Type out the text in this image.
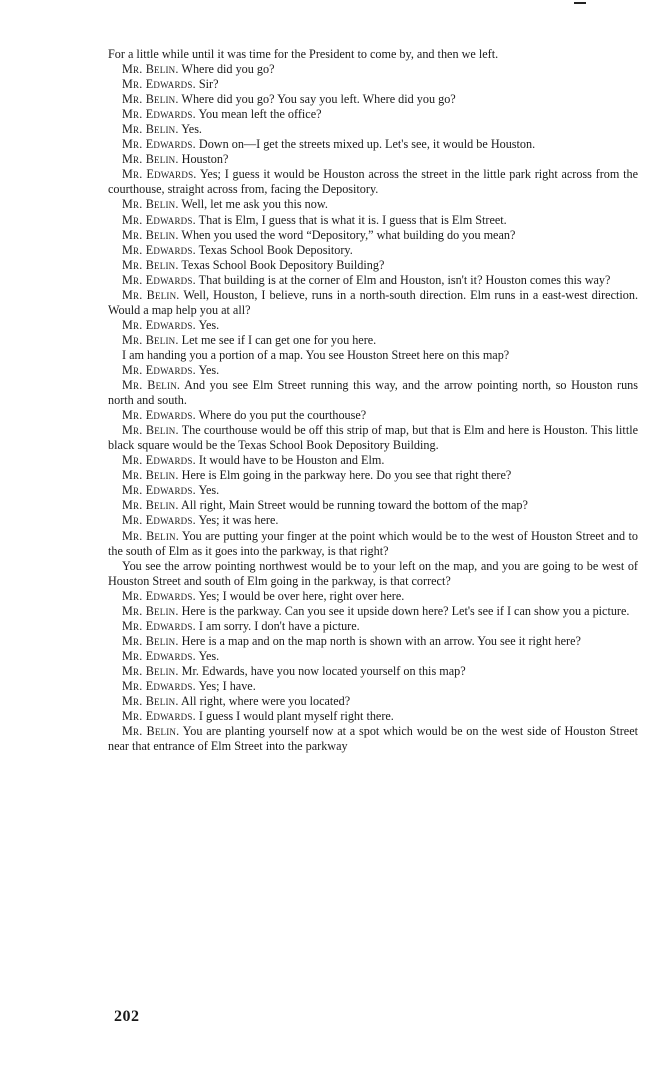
For a little while until it was time for the President to come by, and then we left.

Mr. Belin. Where did you go?

Mr. Edwards. Sir?

Mr. Belin. Where did you go? You say you left. Where did you go?

Mr. Edwards. You mean left the office?

Mr. Belin. Yes.

Mr. Edwards. Down on—I get the streets mixed up. Let's see, it would be Houston.

Mr. Belin. Houston?

Mr. Edwards. Yes; I guess it would be Houston across the street in the little park right across from the courthouse, straight across from, facing the Depository.

Mr. Belin. Well, let me ask you this now.

Mr. Edwards. That is Elm, I guess that is what it is. I guess that is Elm Street.

Mr. Belin. When you used the word “Depository,” what building do you mean?

Mr. Edwards. Texas School Book Depository.

Mr. Belin. Texas School Book Depository Building?

Mr. Edwards. That building is at the corner of Elm and Houston, isn't it? Houston comes this way?

Mr. Belin. Well, Houston, I believe, runs in a north-south direction. Elm runs in a east-west direction. Would a map help you at all?

Mr. Edwards. Yes.

Mr. Belin. Let me see if I can get one for you here.

I am handing you a portion of a map. You see Houston Street here on this map?

Mr. Edwards. Yes.

Mr. Belin. And you see Elm Street running this way, and the arrow pointing north, so Houston runs north and south.

Mr. Edwards. Where do you put the courthouse?

Mr. Belin. The courthouse would be off this strip of map, but that is Elm and here is Houston. This little black square would be the Texas School Book Depository Building.

Mr. Edwards. It would have to be Houston and Elm.

Mr. Belin. Here is Elm going in the parkway here. Do you see that right there?

Mr. Edwards. Yes.

Mr. Belin. All right, Main Street would be running toward the bottom of the map?

Mr. Edwards. Yes; it was here.

Mr. Belin. You are putting your finger at the point which would be to the west of Houston Street and to the south of Elm as it goes into the parkway, is that right?

You see the arrow pointing northwest would be to your left on the map, and you are going to be west of Houston Street and south of Elm going in the parkway, is that correct?

Mr. Edwards. Yes; I would be over here, right over here.

Mr. Belin. Here is the parkway. Can you see it upside down here? Let's see if I can show you a picture.

Mr. Edwards. I am sorry. I don't have a picture.

Mr. Belin. Here is a map and on the map north is shown with an arrow. You see it right here?

Mr. Edwards. Yes.

Mr. Belin. Mr. Edwards, have you now located yourself on this map?

Mr. Edwards. Yes; I have.

Mr. Belin. All right, where were you located?

Mr. Edwards. I guess I would plant myself right there.

Mr. Belin. You are planting yourself now at a spot which would be on the west side of Houston Street near that entrance of Elm Street into the parkway

202
